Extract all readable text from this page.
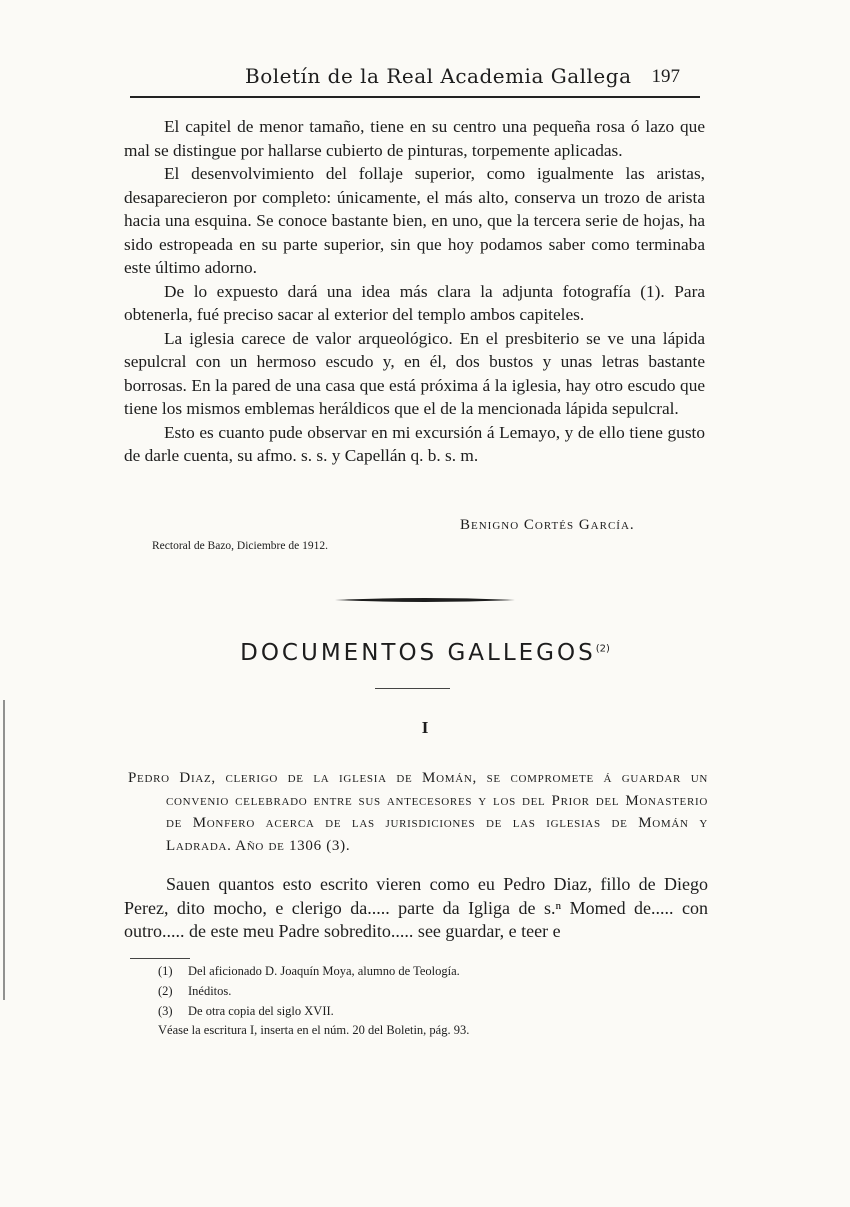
Boletín de la Real Academia Gallega 197

El capitel de menor tamaño, tiene en su centro una pequeña rosa ó lazo que mal se distingue por hallarse cubierto de pinturas, torpemente aplicadas.

El desenvolvimiento del follaje superior, como igualmente las aristas, desaparecieron por completo: únicamente, el más alto, conserva un trozo de arista hacia una esquina. Se conoce bastante bien, en uno, que la tercera serie de hojas, ha sido estropeada en su parte superior, sin que hoy podamos saber como terminaba este último adorno.

De lo expuesto dará una idea más clara la adjunta fotografía (1). Para obtenerla, fué preciso sacar al exterior del templo ambos capiteles.

La iglesia carece de valor arqueológico. En el presbiterio se ve una lápida sepulcral con un hermoso escudo y, en él, dos bustos y unas letras bastante borrosas. En la pared de una casa que está próxima á la iglesia, hay otro escudo que tiene los mismos emblemas heráldicos que el de la mencionada lápida sepulcral.

Esto es cuanto pude observar en mi excursión á Lemayo, y de ello tiene gusto de darle cuenta, su afmo. s. s. y Capellán q. b. s. m.

Benigno Cortés García.
Rectoral de Bazo, Diciembre de 1912.
DOCUMENTOS GALLEGOS$^{(2)}$
I

Pedro Diaz, clerigo de la iglesia de Momán, se compromete á guardar un convenio celebrado entre sus antecesores y los del Prior del Monasterio de Monfero acerca de las jurisdiciones de las iglesias de Momán y Ladrada. Año de 1306 (3).

Sauen quantos esto escrito vieren como eu Pedro Diaz, fillo de Diego Perez, dito mocho, e clerigo da..... parte da Igliga de s.ⁿ Momed de..... con outro..... de este meu Padre sobredito..... see guardar, e teer e

(1) Del aficionado D. Joaquín Moya, alumno de Teología.
(2) Inéditos.
(3) De otra copia del siglo XVII.
Véase la escritura I, inserta en el núm. 20 del Boletin, pág. 93.
